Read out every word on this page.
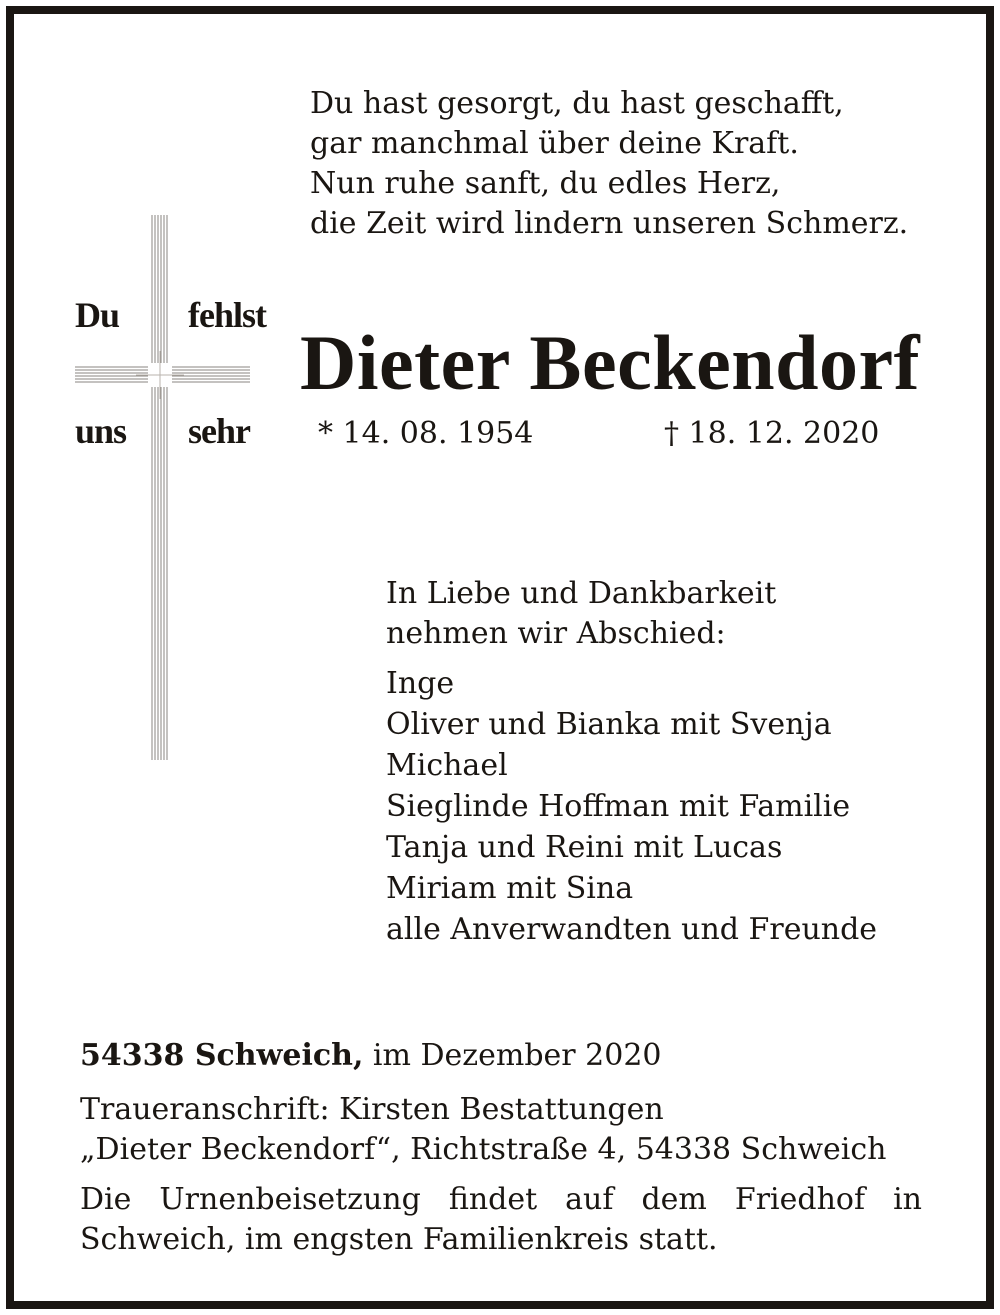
Du hast gesorgt, du hast geschafft,
gar manchmal über deine Kraft.
Nun ruhe sanft, du edles Herz,
die Zeit wird lindern unseren Schmerz.
Du fehlst
uns sehr
Dieter Beckendorf
* 14. 08. 1954	† 18. 12. 2020
In Liebe und Dankbarkeit
nehmen wir Abschied:
Inge
Oliver und Bianka mit Svenja
Michael
Sieglinde Hoffman mit Familie
Tanja und Reini mit Lucas
Miriam mit Sina
alle Anverwandten und Freunde
54338 Schweich, im Dezember 2020
Traueranschrift: Kirsten Bestattungen
„Dieter Beckendorf“, Richtstraße 4, 54338 Schweich
Die Urnenbeisetzung findet auf dem Friedhof in Schweich, im engsten Familienkreis statt.
